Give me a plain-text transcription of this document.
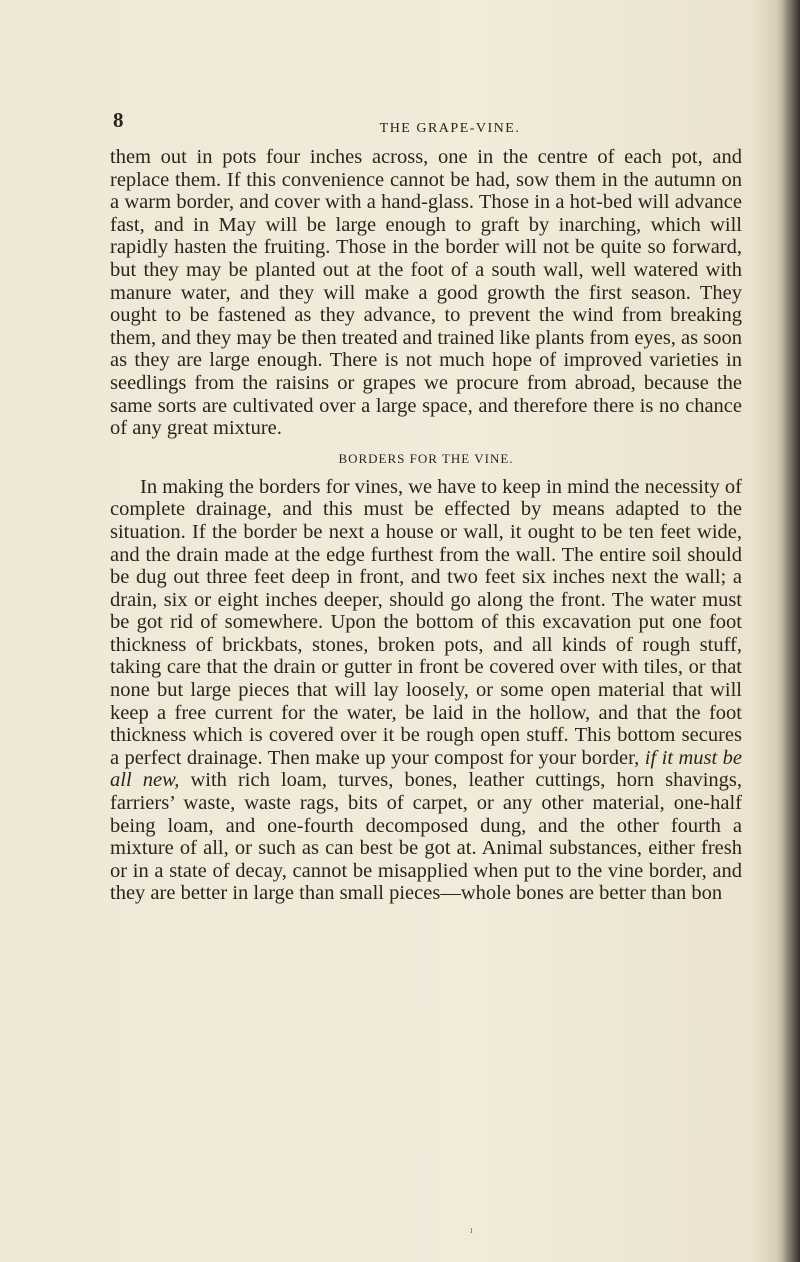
8	THE GRAPE-VINE.

them out in pots four inches across, one in the centre of each pot, and replace them. If this convenience cannot be had, sow them in the autumn on a warm border, and cover with a hand-glass. Those in a hot-bed will advance fast, and in May will be large enough to graft by inarching, which will rapidly hasten the fruiting. Those in the border will not be quite so forward, but they may be planted out at the foot of a south wall, well watered with manure water, and they will make a good growth the first season. They ought to be fastened as they advance, to prevent the wind from breaking them, and they may be then treated and trained like plants from eyes, as soon as they are large enough. There is not much hope of improved varieties in seedlings from the raisins or grapes we procure from abroad, because the same sorts are cultivated over a large space, and therefore there is no chance of any great mixture.

BORDERS FOR THE VINE.

In making the borders for vines, we have to keep in mind the necessity of complete drainage, and this must be effected by means adapted to the situation. If the border be next a house or wall, it ought to be ten feet wide, and the drain made at the edge furthest from the wall. The entire soil should be dug out three feet deep in front, and two feet six inches next the wall; a drain, six or eight inches deeper, should go along the front. The water must be got rid of somewhere. Upon the bottom of this excavation put one foot thickness of brickbats, stones, broken pots, and all kinds of rough stuff, taking care that the drain or gutter in front be covered over with tiles, or that none but large pieces that will lay loosely, or some open material that will keep a free current for the water, be laid in the hollow, and that the foot thickness which is covered over it be rough open stuff. This bottom secures a perfect drainage. Then make up your compost for your border, if it must be all new, with rich loam, turves, bones, leather cuttings, horn shavings, farriers’ waste, waste rags, bits of carpet, or any other material, one-half being loam, and one-fourth decomposed dung, and the other fourth a mixture of all, or such as can best be got at. Animal substances, either fresh or in a state of decay, cannot be misapplied when put to the vine border, and they are better in large than small pieces—whole bones are better than bon

ı
